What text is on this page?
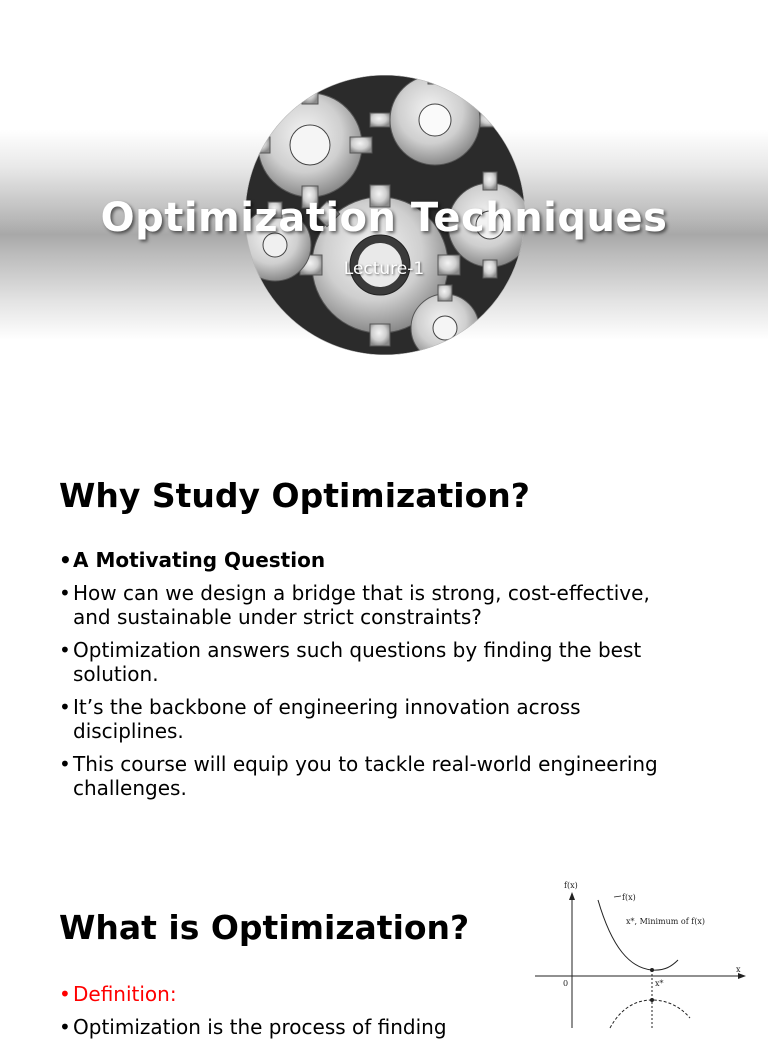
Optimization Techniques
Lecture-1
Why Study Optimization?
• A Motivating Question
• How can we design a bridge that is strong, cost-effective, and sustainable under strict constraints?
• Optimization answers such questions by finding the best solution.
• It’s the backbone of engineering innovation across disciplines.
• This course will equip you to tackle real-world engineering challenges.
What is Optimization?
• Definition:
• Optimization is the process of finding
f(x)
f(x)
x*, Minimum of f(x)
x*
x
0
